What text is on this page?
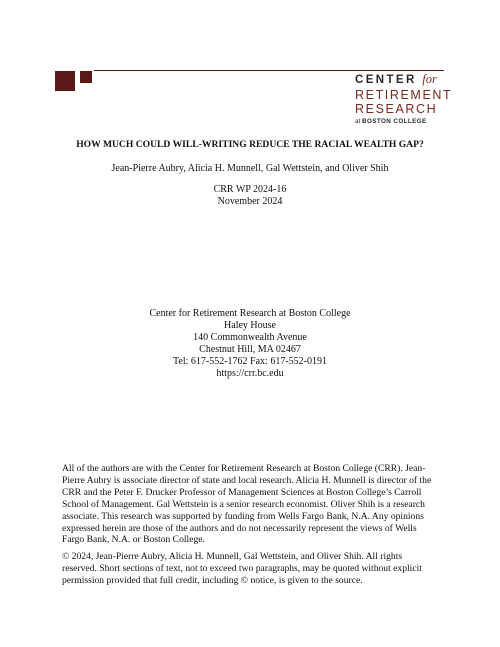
CENTER for
RETIREMENT
RESEARCH
at BOSTON COLLEGE
HOW MUCH COULD WILL-WRITING REDUCE THE RACIAL WEALTH GAP?
Jean-Pierre Aubry, Alicia H. Munnell, Gal Wettstein, and Oliver Shih
CRR WP 2024-16
November 2024
Center for Retirement Research at Boston College
Haley House
140 Commonwealth Avenue
Chestnut Hill, MA 02467
Tel: 617-552-1762 Fax: 617-552-0191
https://crr.bc.edu
All of the authors are with the Center for Retirement Research at Boston College (CRR). Jean-Pierre Aubry is associate director of state and local research. Alicia H. Munnell is director of the CRR and the Peter F. Drucker Professor of Management Sciences at Boston College’s Carroll School of Management. Gal Wettstein is a senior research economist. Oliver Shih is a research associate. This research was supported by funding from Wells Fargo Bank, N.A. Any opinions expressed herein are those of the authors and do not necessarily represent the views of Wells Fargo Bank, N.A. or Boston College.
© 2024, Jean-Pierre Aubry, Alicia H. Munnell, Gal Wettstein, and Oliver Shih. All rights reserved. Short sections of text, not to exceed two paragraphs, may be quoted without explicit permission provided that full credit, including © notice, is given to the source.
